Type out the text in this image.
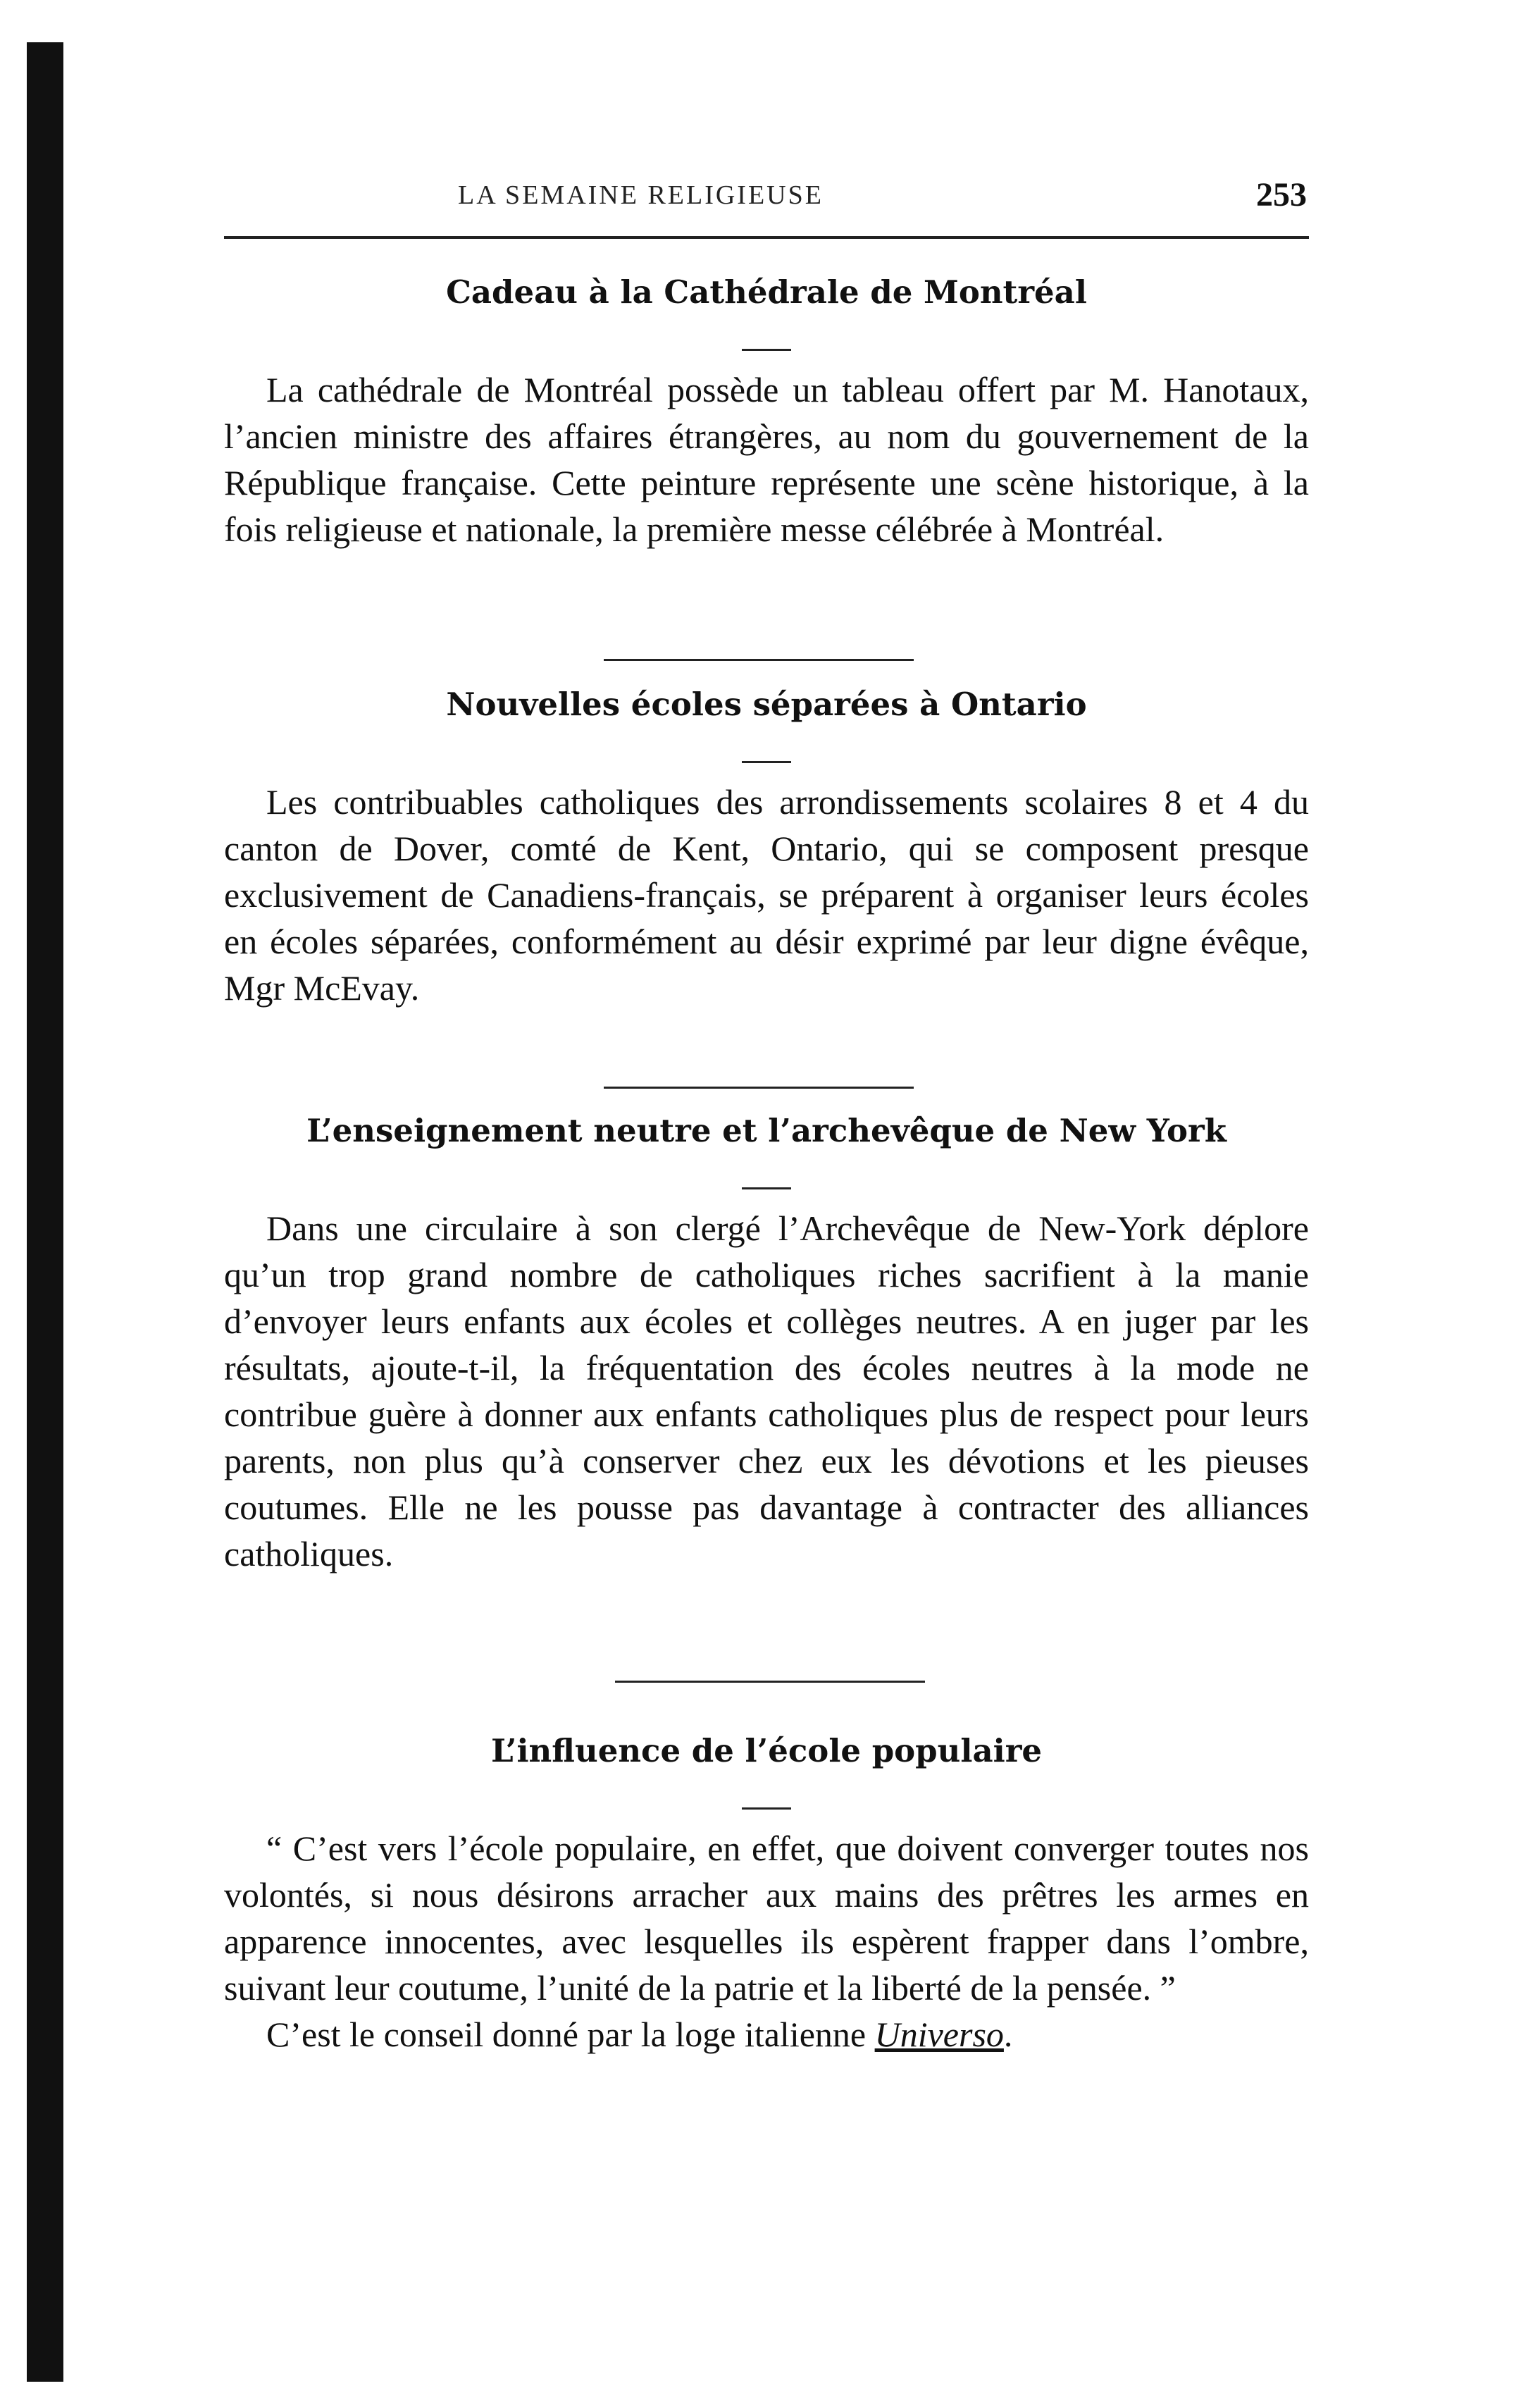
LA SEMAINE RELIGIEUSE	253
Cadeau à la Cathédrale de Montréal

La cathédrale de Montréal possède un tableau offert par M. Hanotaux, l’ancien ministre des affaires étrangères, au nom du gouvernement de la République française. Cette peinture représente une scène historique, à la fois religieuse et nationale, la première messe célébrée à Montréal.

Nouvelles écoles séparées à Ontario

Les contribuables catholiques des arrondissements scolaires 8 et 4 du canton de Dover, comté de Kent, Ontario, qui se composent presque exclusivement de Canadiens-français, se préparent à organiser leurs écoles en écoles séparées, conformément au désir exprimé par leur digne évêque, Mgr McEvay.

L’enseignement neutre et l’archevêque de New York

Dans une circulaire à son clergé l’Archevêque de New-York déplore qu’un trop grand nombre de catholiques riches sacrifient à la manie d’envoyer leurs enfants aux écoles et collèges neutres. A en juger par les résultats, ajoute-t-il, la fréquentation des écoles neutres à la mode ne contribue guère à donner aux enfants catholiques plus de respect pour leurs parents, non plus qu’à conserver chez eux les dévotions et les pieuses coutumes. Elle ne les pousse pas davantage à contracter des alliances catholiques.

L’influence de l’école populaire

“ C’est vers l’école populaire, en effet, que doivent converger toutes nos volontés, si nous désirons arracher aux mains des prêtres les armes en apparence innocentes, avec lesquelles ils espèrent frapper dans l’ombre, suivant leur coutume, l’unité de la patrie et la liberté de la pensée. ”

C’est le conseil donné par la loge italienne Universo.
